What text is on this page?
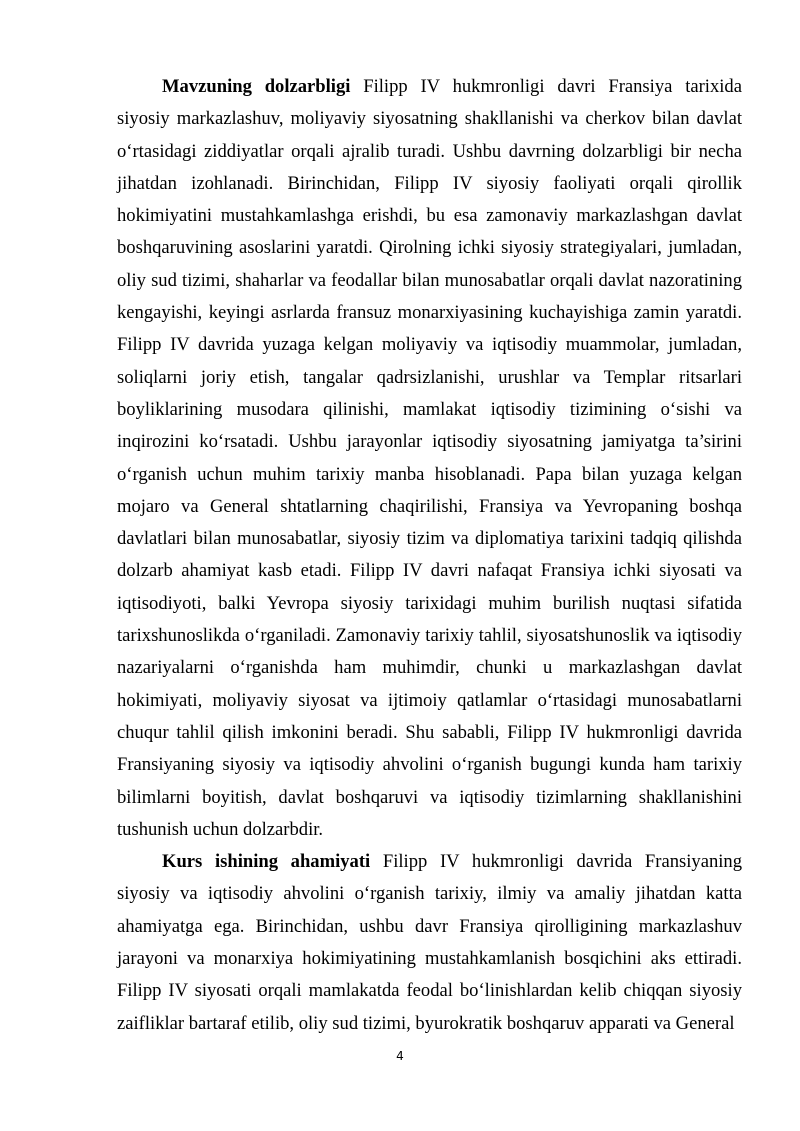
Mavzuning dolzarbligi Filipp IV hukmronligi davri Fransiya tarixida siyosiy markazlashuv, moliyaviy siyosatning shakllanishi va cherkov bilan davlat o‘rtasidagi ziddiyatlar orqali ajralib turadi. Ushbu davrning dolzarbligi bir necha jihatdan izohlanadi. Birinchidan, Filipp IV siyosiy faoliyati orqali qirollik hokimiyatini mustahkamlashga erishdi, bu esa zamonaviy markazlashgan davlat boshqaruvining asoslarini yaratdi. Qirolning ichki siyosiy strategiyalari, jumladan, oliy sud tizimi, shaharlar va feodallar bilan munosabatlar orqali davlat nazoratining kengayishi, keyingi asrlarda fransuz monarxiyasining kuchayishiga zamin yaratdi. Filipp IV davrida yuzaga kelgan moliyaviy va iqtisodiy muammolar, jumladan, soliqlarni joriy etish, tangalar qadrsizlanishi, urushlar va Templar ritsarlari boyliklarining musodara qilinishi, mamlakat iqtisodiy tizimining o‘sishi va inqirozini ko‘rsatadi. Ushbu jarayonlar iqtisodiy siyosatning jamiyatga ta’sirini o‘rganish uchun muhim tarixiy manba hisoblanadi. Papa bilan yuzaga kelgan mojaro va General shtatlarning chaqirilishi, Fransiya va Yevropaning boshqa davlatlari bilan munosabatlar, siyosiy tizim va diplomatiya tarixini tadqiq qilishda dolzarb ahamiyat kasb etadi. Filipp IV davri nafaqat Fransiya ichki siyosati va iqtisodiyoti, balki Yevropa siyosiy tarixidagi muhim burilish nuqtasi sifatida tarixshunoslikda o‘rganiladi. Zamonaviy tarixiy tahlil, siyosatshunoslik va iqtisodiy nazariyalarni o‘rganishda ham muhimdir, chunki u markazlashgan davlat hokimiyati, moliyaviy siyosat va ijtimoiy qatlamlar o‘rtasidagi munosabatlarni chuqur tahlil qilish imkonini beradi. Shu sababli, Filipp IV hukmronligi davrida Fransiyaning siyosiy va iqtisodiy ahvolini o‘rganish bugungi kunda ham tarixiy bilimlarni boyitish, davlat boshqaruvi va iqtisodiy tizimlarning shakllanishini tushunish uchun dolzarbdir.

Kurs ishining ahamiyati Filipp IV hukmronligi davrida Fransiyaning siyosiy va iqtisodiy ahvolini o‘rganish tarixiy, ilmiy va amaliy jihatdan katta ahamiyatga ega. Birinchidan, ushbu davr Fransiya qirolligining markazlashuv jarayoni va monarxiya hokimiyatining mustahkamlanish bosqichini aks ettiradi. Filipp IV siyosati orqali mamlakatda feodal bo‘linishlardan kelib chiqqan siyosiy zaifliklar bartaraf etilib, oliy sud tizimi, byurokratik boshqaruv apparati va General

4
